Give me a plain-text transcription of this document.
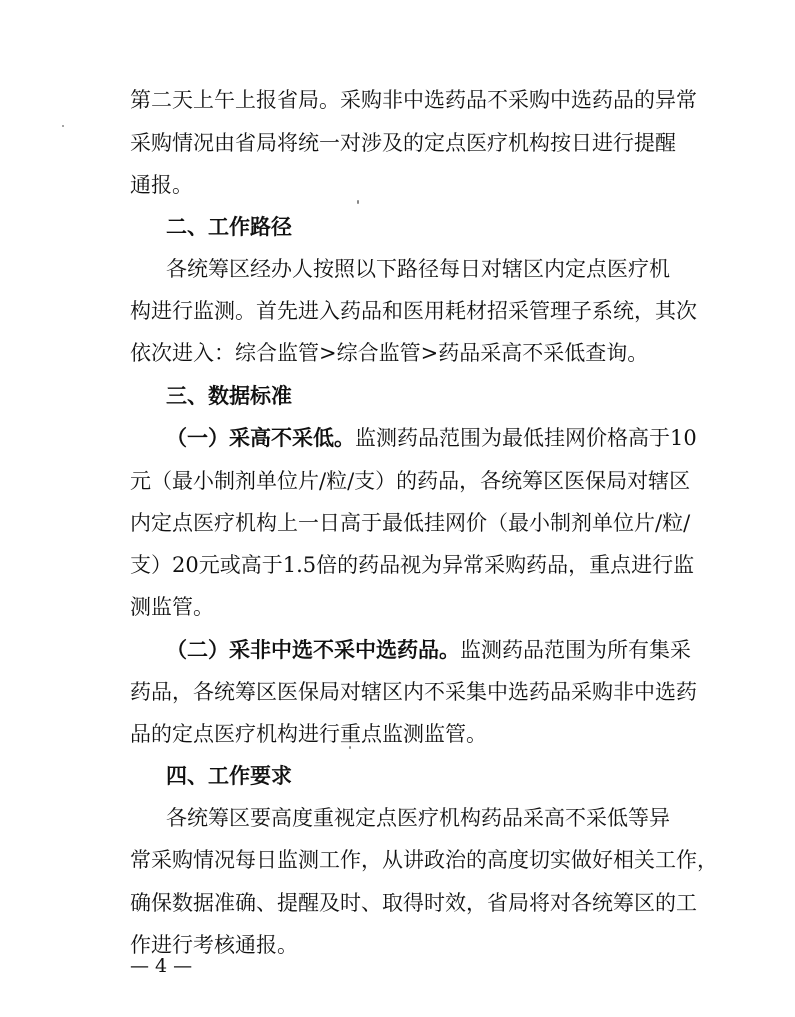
第二天上午上报省局。采购非中选药品不采购中选药品的异常
采购情况由省局将统一对涉及的定点医疗机构按日进行提醒
通报。
二、工作路径
各统筹区经办人按照以下路径每日对辖区内定点医疗机
构进行监测。首先进入药品和医用耗材招采管理子系统，其次
依次进入：综合监管>综合监管>药品采高不采低查询。
三、数据标准
（一）采高不采低。监测药品范围为最低挂网价格高于10
元（最小制剂单位片/粒/支）的药品，各统筹区医保局对辖区
内定点医疗机构上一日高于最低挂网价（最小制剂单位片/粒/
支）20元或高于1.5倍的药品视为异常采购药品，重点进行监
测监管。
（二）采非中选不采中选药品。监测药品范围为所有集采
药品，各统筹区医保局对辖区内不采集中选药品采购非中选药
品的定点医疗机构进行重点监测监管。
四、工作要求
各统筹区要高度重视定点医疗机构药品采高不采低等异
常采购情况每日监测工作，从讲政治的高度切实做好相关工作，
确保数据准确、提醒及时、取得时效，省局将对各统筹区的工
作进行考核通报。
— 4 —
